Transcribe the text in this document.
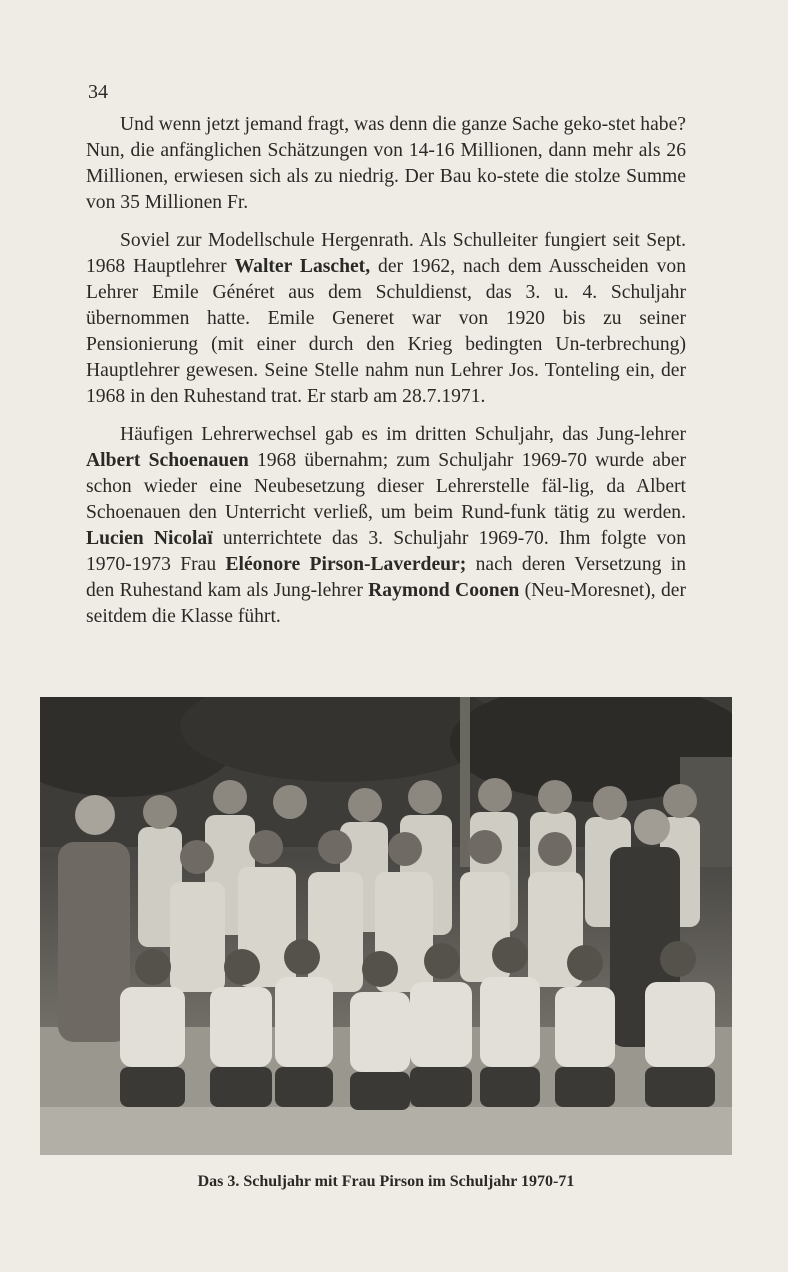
34

Und wenn jetzt jemand fragt, was denn die ganze Sache geko-stet habe? Nun, die anfänglichen Schätzungen von 14-16 Millionen, dann mehr als 26 Millionen, erwiesen sich als zu niedrig. Der Bau ko-stete die stolze Summe von 35 Millionen Fr.

Soviel zur Modellschule Hergenrath. Als Schulleiter fungiert seit Sept. 1968 Hauptlehrer Walter Laschet, der 1962, nach dem Ausscheiden von Lehrer Emile Généret aus dem Schuldienst, das 3. u. 4. Schuljahr übernommen hatte. Emile Generet war von 1920 bis zu seiner Pensionierung (mit einer durch den Krieg bedingten Un-terbrechung) Hauptlehrer gewesen. Seine Stelle nahm nun Lehrer Jos. Tonteling ein, der 1968 in den Ruhestand trat. Er starb am 28.7.1971.

Häufigen Lehrerwechsel gab es im dritten Schuljahr, das Jung-lehrer Albert Schoenauen 1968 übernahm; zum Schuljahr 1969-70 wurde aber schon wieder eine Neubesetzung dieser Lehrerstelle fäl-lig, da Albert Schoenauen den Unterricht verließ, um beim Rund-funk tätig zu werden. Lucien Nicolaï unterrichtete das 3. Schuljahr 1969-70. Ihm folgte von 1970-1973 Frau Eléonore Pirson-Laverdeur; nach deren Versetzung in den Ruhestand kam als Jung-lehrer Raymond Coonen (Neu-Moresnet), der seitdem die Klasse führt.

Das 3. Schuljahr mit Frau Pirson im Schuljahr 1970-71
